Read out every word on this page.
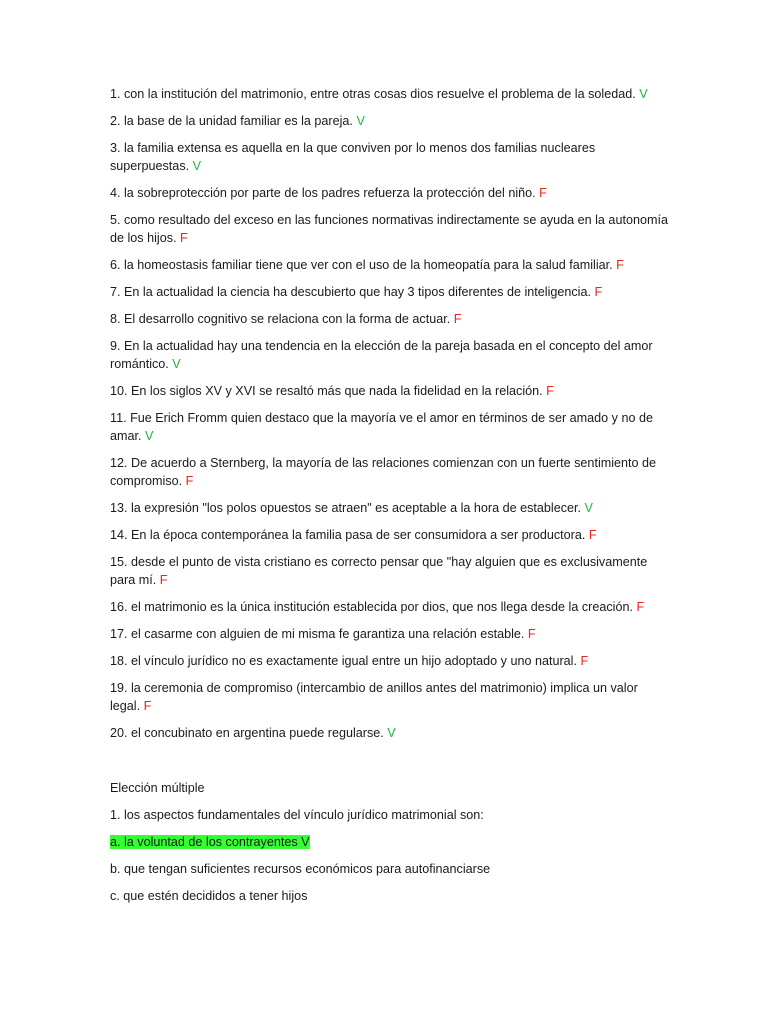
1. con la institución del matrimonio, entre otras cosas dios resuelve el problema de la soledad. V
2. la base de la unidad familiar es la pareja. V
3. la familia extensa es aquella en la que conviven por lo menos dos familias nucleares superpuestas. V
4. la sobreprotección por parte de los padres refuerza la protección del niño. F
5. como resultado del exceso en las funciones normativas indirectamente se ayuda en la autonomía de los hijos. F
6. la homeostasis familiar tiene que ver con el uso de la homeopatía para la salud familiar. F
7. En la actualidad la ciencia ha descubierto que hay 3 tipos diferentes de inteligencia. F
8. El desarrollo cognitivo se relaciona con la forma de actuar. F
9. En la actualidad hay una tendencia en la elección de la pareja basada en el concepto del amor romántico. V
10. En los siglos XV y XVI se resaltó más que nada la fidelidad en la relación. F
11. Fue Erich Fromm quien destaco que la mayoría ve el amor en términos de ser amado y no de amar. V
12. De acuerdo a Sternberg, la mayoría de las relaciones comienzan con un fuerte sentimiento de compromiso. F
13. la expresión "los polos opuestos se atraen" es aceptable a la hora de establecer. V
14. En la época contemporánea la familia pasa de ser consumidora a ser productora. F
15. desde el punto de vista cristiano es correcto pensar que "hay alguien que es exclusivamente para mí. F
16. el matrimonio es la única institución establecida por dios, que nos llega desde la creación. F
17. el casarme con alguien de mi misma fe garantiza una relación estable. F
18. el vínculo jurídico no es exactamente igual entre un hijo adoptado y uno natural. F
19. la ceremonia de compromiso (intercambio de anillos antes del matrimonio) implica un valor legal. F
20. el concubinato en argentina puede regularse. V
Elección múltiple
1. los aspectos fundamentales del vínculo jurídico matrimonial son:
a. la voluntad de los contrayentes V
b. que tengan suficientes recursos económicos para autofinanciarse
c. que estén decididos a tener hijos
